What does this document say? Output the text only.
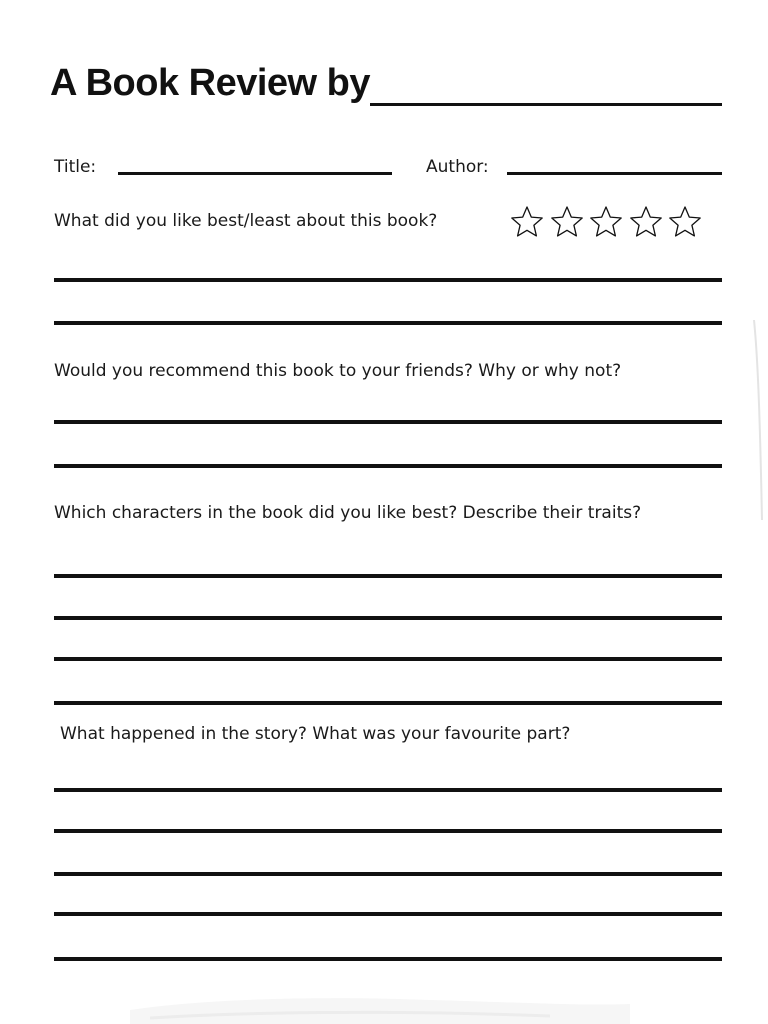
A Book Review by
Title:	Author:
What did you like best/least about this book?
Would you recommend this book to your friends? Why or why not?
Which characters in the book did you like best? Describe their traits?
What happened in the story? What was your favourite part?
